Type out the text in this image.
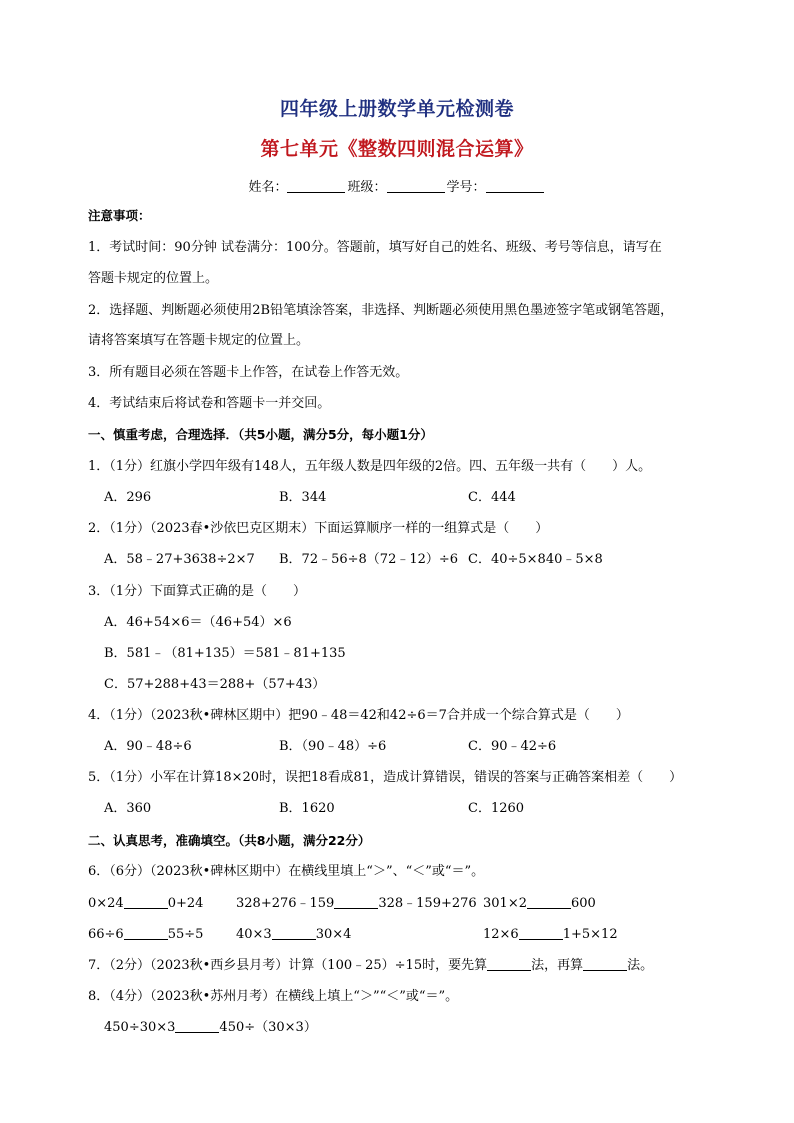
四年级上册数学单元检测卷
第七单元《整数四则混合运算》
姓名：	班级：	学号：
注意事项：
1．考试时间：90分钟 试卷满分：100分。答题前，填写好自己的姓名、班级、考号等信息，请写在
答题卡规定的位置上。
2．选择题、判断题必须使用2B铅笔填涂答案，非选择、判断题必须使用黑色墨迹签字笔或钢笔答题，
请将答案填写在答题卡规定的位置上。
3．所有题目必须在答题卡上作答，在试卷上作答无效。
4．考试结束后将试卷和答题卡一并交回。
一、慎重考虑，合理选择．（共5小题，满分5分，每小题1分）
1．（1分）红旗小学四年级有148人，五年级人数是四年级的2倍。四、五年级一共有（　　）人。
A．296	B．344	C．444
2．（1分）（2023春•沙依巴克区期末）下面运算顺序一样的一组算式是（　　）
A．58﹣27+3638÷2×7 B．72﹣56÷8（72﹣12）÷6 C．40÷5×840﹣5×8
3．（1分）下面算式正确的是（　　）
A．46+54×6＝（46+54）×6
B．581﹣（81+135）＝581﹣81+135
C．57+288+43＝288+（57+43）
4．（1分）（2023秋•碑林区期中）把90﹣48＝42和42÷6＝7合并成一个综合算式是（　　）
A．90﹣48÷6	B．（90﹣48）÷6	C．90﹣42÷6
5．（1分）小军在计算18×20时，误把18看成81，造成计算错误，错误的答案与正确答案相差（　　）
A．360	B．1620	C．1260
二、认真思考，准确填空。（共8小题，满分22分）
6．（6分）（2023秋•碑林区期中）在横线里填上“＞”、“＜”或“＝”。
0×24	0+24	328+276﹣159	328﹣159+276 301×2	600
66÷6	55÷5	40×3	30×4	12×6	1+5×12
7．（2分）（2023秋•西乡县月考）计算（100﹣25）÷15时，要先算	法，再算	法。
8．（4分）（2023秋•苏州月考）在横线上填上“＞”“＜”或“＝”。
450÷30×3	450÷（30×3）
